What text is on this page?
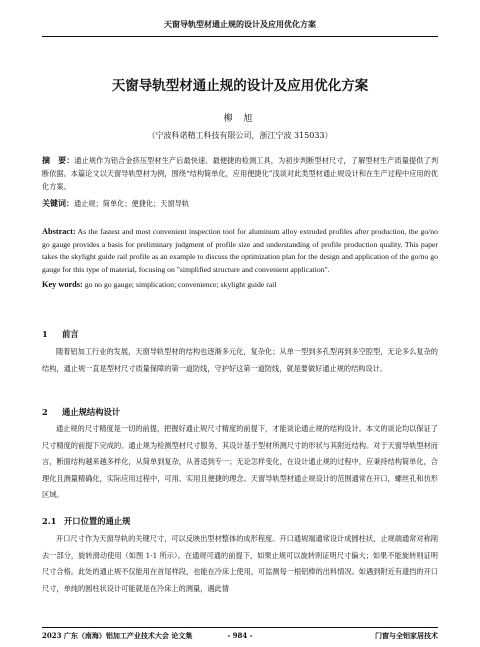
天窗导轨型材通止规的设计及应用优化方案
天窗导轨型材通止规的设计及应用优化方案
柳 旭
（宁波科诺精工科技有限公司，浙江宁波 315033）
摘　要：通止规作为铝合金挤压型材生产后最快速、最便捷的检测工具，为初步判断型材尺寸，了解型材生产质量提供了判断依据。本篇论文以天窗导轨型材为例，围绕“结构简单化，应用便捷化”浅谈对此类型材通止规设计和在生产过程中应用的优化方案。
关键词：通止规；简单化；便捷化；天窗导轨
Abstract: As the fastest and most convenient inspection tool for aluminum alloy extruded profiles after production, the go/no go gauge provides a basis for preliminary judgment of profile size and understanding of profile production quality. This paper takes the skylight guide rail profile as an example to discuss the optimization plan for the design and application of the go/no go gauge for this type of material, focusing on "simplified structure and convenient application".
Key words: go no go gauge; simplication; convenience; skylight guide rail
1 前言
随着铝加工行业的发展，天窗导轨型材的结构也逐渐多元化，复杂化；从单一型到多孔型再到多空腔型，无论多么复杂的结构，通止规一直是型材尺寸质量保障的第一道防线，守护好这第一道防线，就是要做好通止规的结构设计。
2 通止规结构设计
通止规的尺寸精度是一切的前提，把握好通止规尺寸精度的前提下，才能谈论通止规的结构设计。本文的谈论均以保证了尺寸精度的前提下完成的。通止规为检测型材尺寸服务，其设计基于型材所测尺寸的形状与其附近结构。对于天窗导轨型材而言，断面结构越来越多样化，从简单到复杂，从普适到专一；无论怎样变化，在设计通止规的过程中，应秉持结构简单化，合理化且测量精确化，实际应用过程中，可用、实用且便捷的理念。天窗导轨型材通止规设计的范围通常在开口，螺丝孔和仿形区域。
2.1 开口位置的通止规
开口尺寸作为天窗导轨的关键尺寸，可以反映出型材整体的成形程度。开口通规端通常设计成圆柱状，止规端通常对称削去一部分，旋转滑动使用（如图 1-1 所示）。在通规可通的前提下，如果止规可以旋转则证明尺寸偏大；如果不能旋转则证明尺寸合格。此处的通止规不仅能用在首尾样段，也能在冷床上使用，可监测每一根铝棒的出料情况。如遇到附近有遗挡的开口尺寸，单纯的圆柱状设计可能就是在冷床上的测量，遇此情
2023 广东（南海）铝加工产业技术大会 论文集	- 984 -	门窗与全铝家居技术
